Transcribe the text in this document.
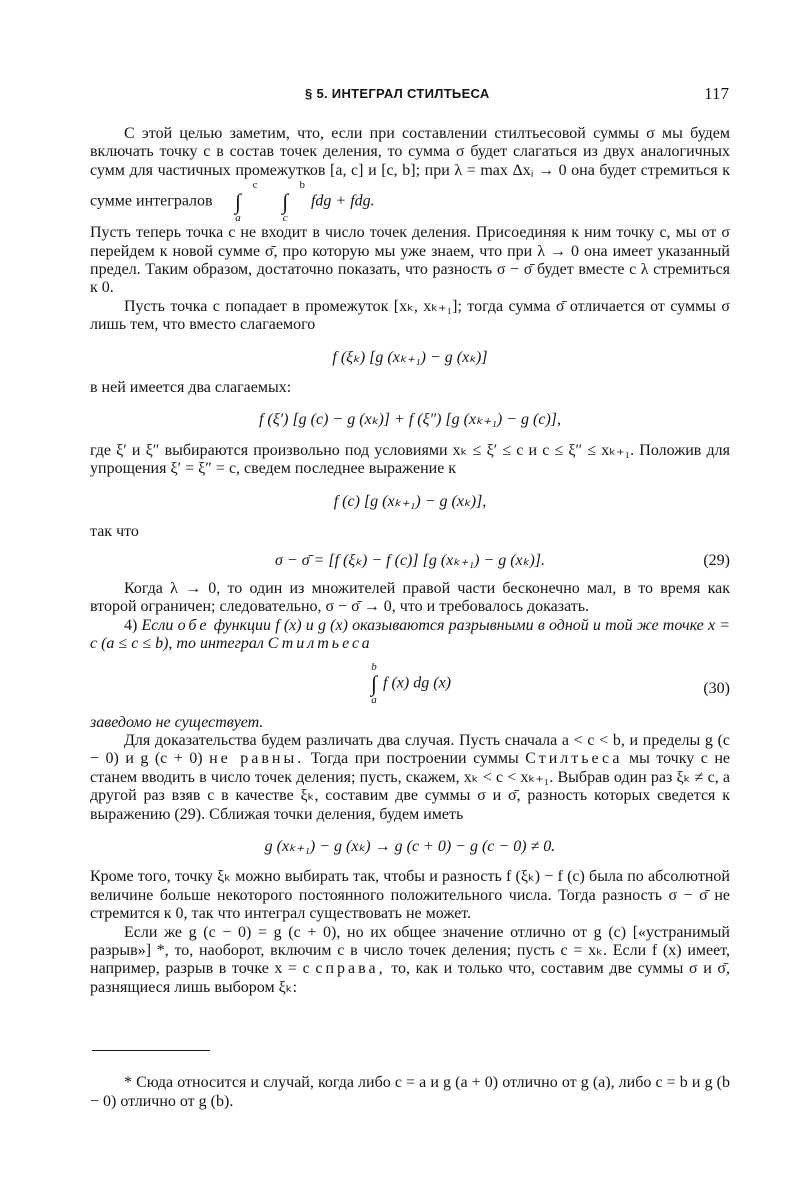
§ 5. ИНТЕГРАЛ СТИЛТЬЕСА	117

С этой целью заметим, что, если при составлении стилтьесовой суммы σ мы будем включать точку c в состав точек деления, то сумма σ будет слагаться из двух аналогичных сумм для частичных промежутков [a, c] и [c, b]; при λ = max Δxᵢ → 0 она будет стремиться к сумме интегралов c
∫
a b
∫
c fdg + fdg.

Пусть теперь точка c не входит в число точек деления. Присоединяя к ним точку c, мы от σ перейдем к новой сумме σ̄, про которую мы уже знаем, что при λ → 0 она имеет указанный предел. Таким образом, достаточно показать, что разность σ − σ̄ будет вместе с λ стремиться к 0.

Пусть точка c попадает в промежуток [xₖ, xₖ₊₁]; тогда сумма σ̄ отличается от суммы σ лишь тем, что вместо слагаемого

f (ξₖ) [g (xₖ₊₁) − g (xₖ)]

в ней имеется два слагаемых:

f (ξ′) [g (c) − g (xₖ)] + f (ξ″) [g (xₖ₊₁) − g (c)],

где ξ′ и ξ″ выбираются произвольно под условиями xₖ ≤ ξ′ ≤ c и c ≤ ξ″ ≤ xₖ₊₁. Положив для упрощения ξ′ = ξ″ = c, сведем последнее выражение к

f (c) [g (xₖ₊₁) − g (xₖ)],

так что

σ − σ̄ = [f (ξₖ) − f (c)] [g (xₖ₊₁) − g (xₖ)].	(29)

Когда λ → 0, то один из множителей правой части бесконечно мал, в то время как второй ограничен; следовательно, σ − σ̄ → 0, что и требовалось доказать.

4) Если обе функции f (x) и g (x) оказываются разрывными в одной и той же точке x = c (a ≤ c ≤ b), то интеграл Стилтьеса

b
∫
a f (x) dg (x)	(30)

заведомо не существует.

Для доказательства будем различать два случая. Пусть сначала a < c < b, и пределы g (c − 0) и g (c + 0) не равны. Тогда при построении суммы Стилтьеса мы точку c не станем вводить в число точек деления; пусть, скажем, xₖ < c < xₖ₊₁. Выбрав один раз ξₖ ≠ c, а другой раз взяв c в качестве ξₖ, составим две суммы σ и σ̄, разность которых сведется к выражению (29). Сближая точки деления, будем иметь

g (xₖ₊₁) − g (xₖ) → g (c + 0) − g (c − 0) ≠ 0.

Кроме того, точку ξₖ можно выбирать так, чтобы и разность f (ξₖ) − f (c) была по абсолютной величине больше некоторого постоянного положительного числа. Тогда разность σ − σ̄ не стремится к 0, так что интеграл существовать не может.

Если же g (c − 0) = g (c + 0), но их общее значение отлично от g (c) [«устранимый разрыв»] *, то, наоборот, включим c в число точек деления; пусть c = xₖ. Если f (x) имеет, например, разрыв в точке x = c справа, то, как и только что, составим две суммы σ и σ̄, разнящиеся лишь выбором ξₖ:

* Сюда относится и случай, когда либо c = a и g (a + 0) отлично от g (a), либо c = b и g (b − 0) отлично от g (b).
